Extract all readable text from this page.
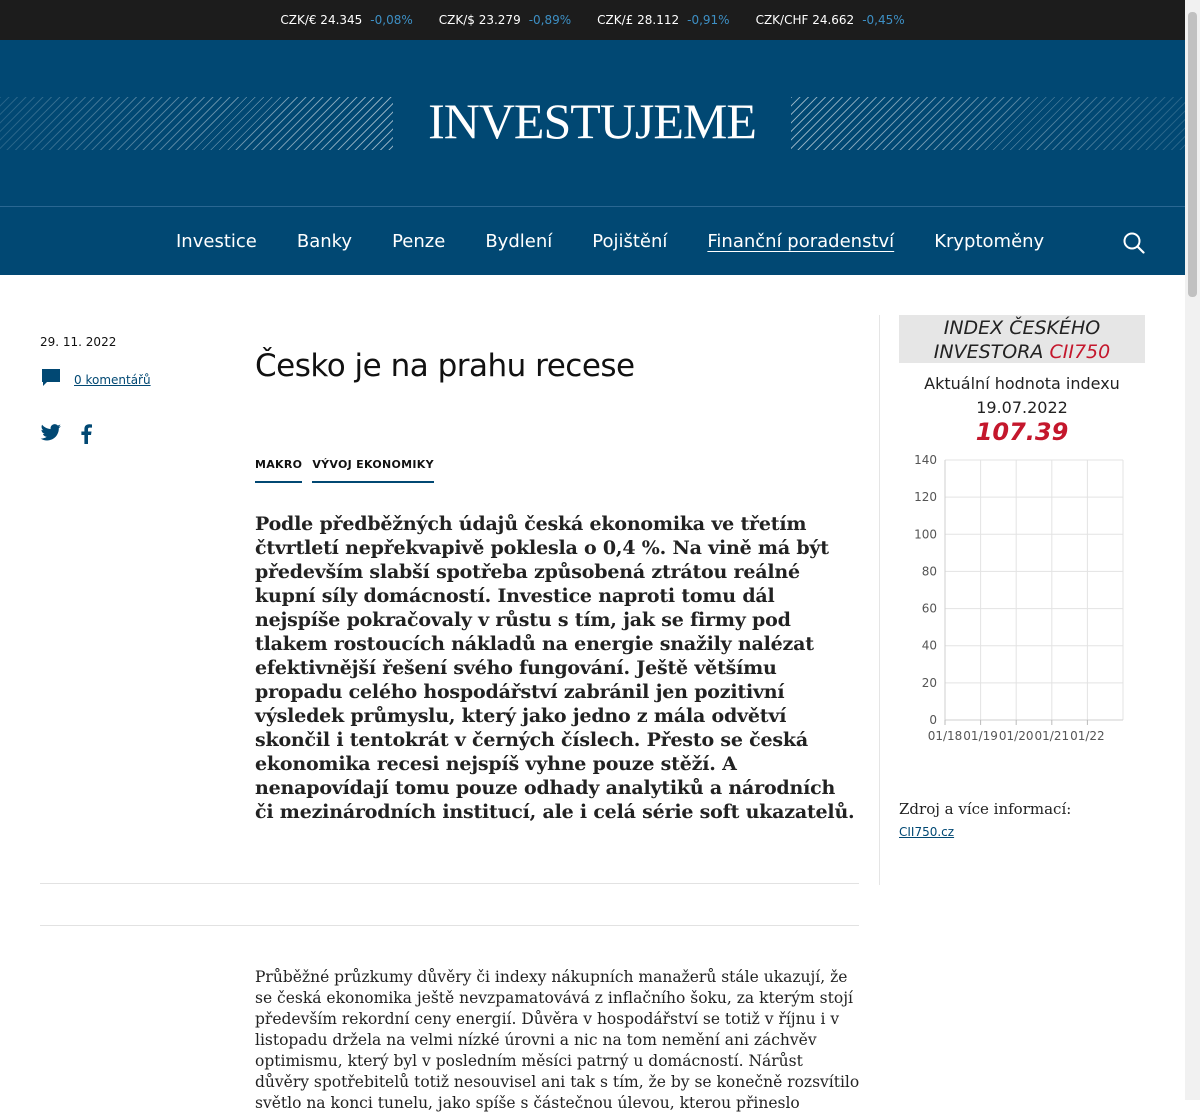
CZK/€ 24.345 -0,08% CZK/$ 23.279 -0,89% CZK/£ 28.112 -0,91% CZK/CHF 24.662 -0,45%
INVESTUJEME
Investice	Banky	Penze	Bydlení	Pojištění	Finanční poradenství	Kryptoměny
29. 11. 2022
0 komentářů	Česko je na prahu recese
MAKRO VÝVOJ EKONOMIKY

Podle předběžných údajů česká ekonomika ve třetím čtvrtletí nepřekvapivě poklesla o 0,4 %. Na vině má být především slabší spotřeba způsobená ztrátou reálné kupní síly domácností. Investice naproti tomu dál nejspíše pokračovaly v růstu s tím, jak se firmy pod tlakem rostoucích nákladů na energie snažily nalézat efektivnější řešení svého fungování. Ještě většímu propadu celého hospodářství zabránil jen pozitivní výsledek průmyslu, který jako jedno z mála odvětví skončil i tentokrát v černých číslech. Přesto se česká ekonomika recesi nejspíš vyhne pouze stěží. A nenapovídají tomu pouze odhady analytiků a národních či mezinárodních institucí, ale i celá série soft ukazatelů.

Průběžné průzkumy důvěry či indexy nákupních manažerů stále ukazují, že se česká ekonomika ještě nevzpamatovává z inflačního šoku, za kterým stojí především rekordní ceny energií. Důvěra v hospodářství se totiž v říjnu i v listopadu držela na velmi nízké úrovni a nic na tom nemění ani záchvěv optimismu, který byl v posledním měsíci patrný u domácností. Nárůst důvěry spotřebitelů totiž nesouvisel ani tak s tím, že by se konečně rozsvítilo světlo na konci tunelu, jako spíše s částečnou úlevou, kterou přineslo

INDEX ČESKÉHO
INVESTORA CII750
Aktuální hodnota indexu
19.07.2022
107.39
0
20
40
60
80
100
120
140
01/18 01/19 01/20 01/21 01/22
Zdroj a více informací:
CII750.cz
